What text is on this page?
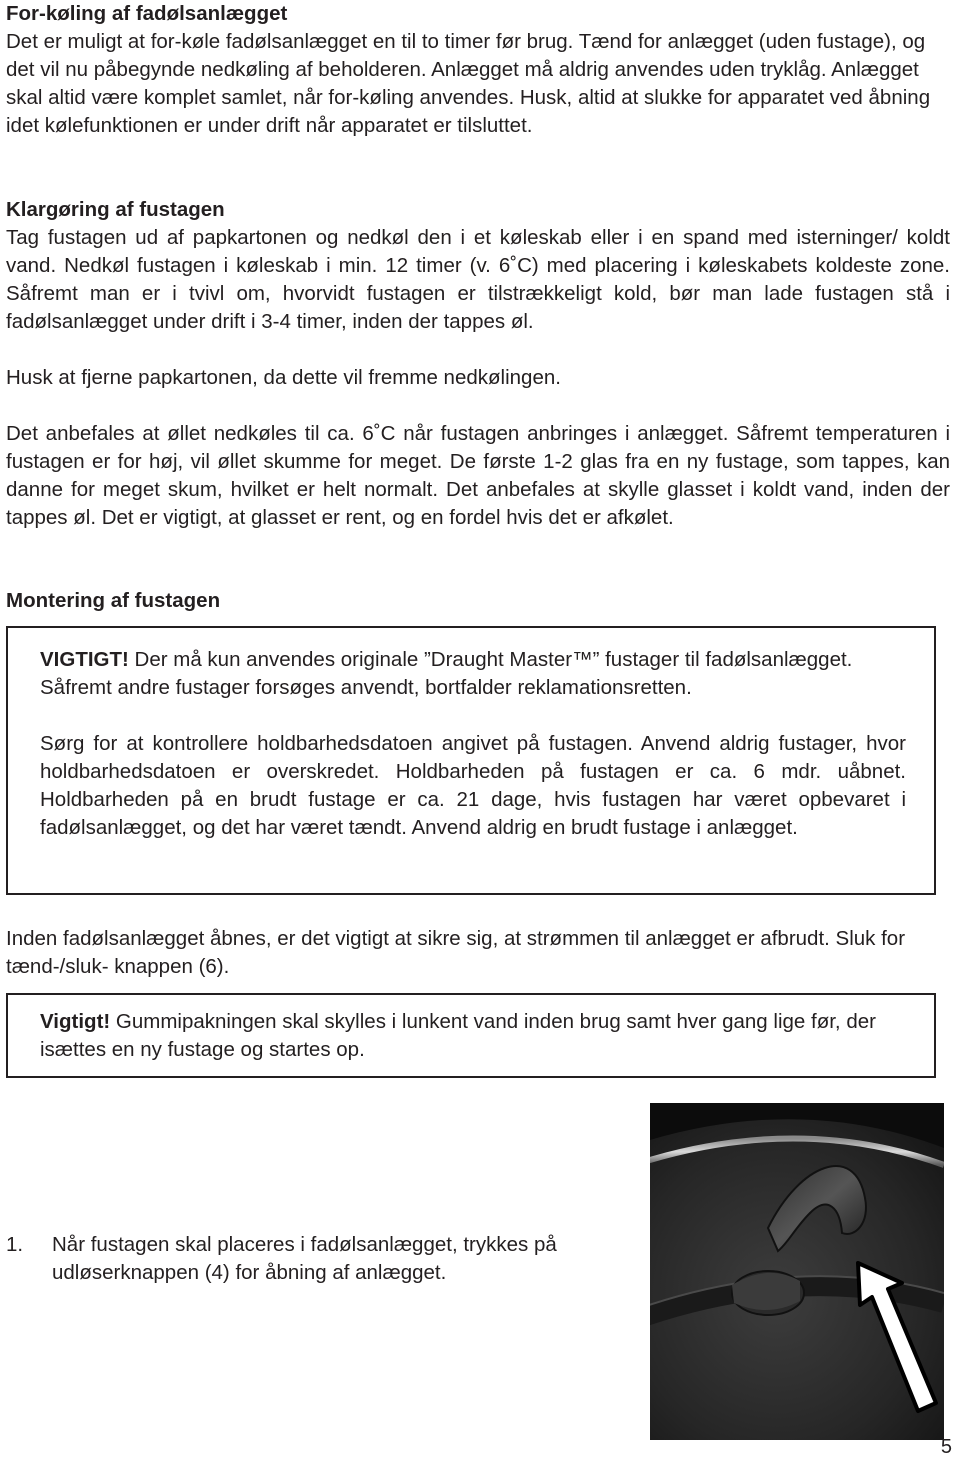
For-køling af fadølsanlægget

Det er muligt at for-køle fadølsanlægget en til to timer før brug. Tænd for anlægget (uden fustage), og det vil nu påbegynde nedkøling af beholderen. Anlægget må aldrig anvendes uden tryklåg. Anlægget skal altid være komplet samlet, når for-køling anvendes. Husk, altid at slukke for apparatet ved åbning idet kølefunktionen er under drift når apparatet er tilsluttet.

Klargøring af fustagen

Tag fustagen ud af papkartonen og nedkøl den i et køleskab eller i en spand med isterninger/ koldt vand. Nedkøl fustagen i køleskab i min. 12 timer (v. 6˚C) med placering i køleskabets koldeste zone. Såfremt man er i tvivl om, hvorvidt fustagen er tilstrækkeligt kold, bør man lade fustagen stå i fadølsanlægget under drift i 3-4 timer, inden der tappes øl.

Husk at fjerne papkartonen, da dette vil fremme nedkølingen.

Det anbefales at øllet nedkøles til ca. 6˚C når fustagen anbringes i anlægget. Såfremt temperaturen i fustagen er for høj, vil øllet skumme for meget. De første 1-2 glas fra en ny fustage, som tappes, kan danne for meget skum, hvilket er helt normalt. Det anbefales at skylle glasset i koldt vand, inden der tappes øl. Det er vigtigt, at glasset er rent, og en fordel hvis det er afkølet.

Montering af fustagen

VIGTIGT! Der må kun anvendes originale ”Draught Master™” fustager til fadølsanlægget. Såfremt andre fustager forsøges anvendt, bortfalder reklamationsretten.

Sørg for at kontrollere holdbarhedsdatoen angivet på fustagen. Anvend aldrig fustager, hvor holdbarhedsdatoen er overskredet. Holdbarheden på fustagen er ca. 6 mdr. uåbnet. Holdbarheden på en brudt fustage er ca. 21 dage, hvis fustagen har været opbevaret i fadølsanlægget, og det har været tændt. Anvend aldrig en brudt fustage i anlægget.

Inden fadølsanlægget åbnes, er det vigtigt at sikre sig, at strømmen til anlægget er afbrudt. Sluk for tænd-/sluk- knappen (6).

Vigtigt! Gummipakningen skal skylles i lunkent vand inden brug samt hver gang lige før, der isættes en ny fustage og startes op.

1.	Når fustagen skal placeres i fadølsanlægget, trykkes på udløserknappen (4) for åbning af anlægget.
5
